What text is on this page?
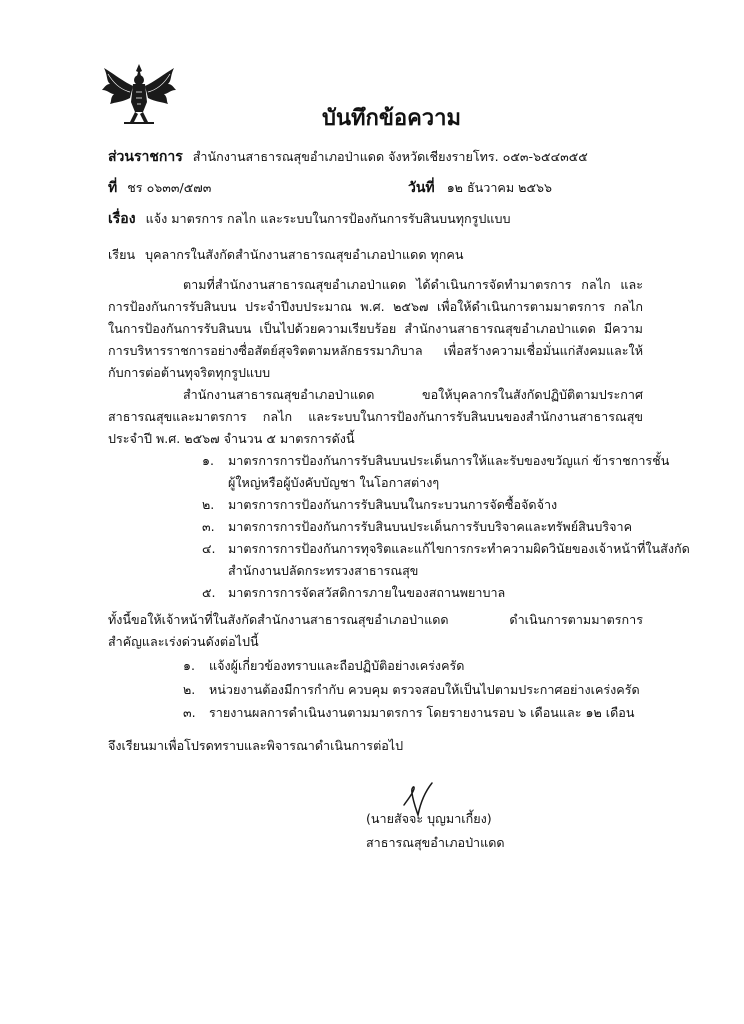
บันทึกข้อความ
ส่วนราชการ สำนักงานสาธารณสุขอำเภอป่าแดด จังหวัดเชียงรายโทร. ๐๕๓-๖๕๔๓๕๕
ที่ ชร ๐๖๓๓/๕๗๓	วันที่ ๑๒ ธันวาคม ๒๕๖๖
เรื่อง แจ้ง มาตรการ กลไก และระบบในการป้องกันการรับสินบนทุกรูปแบบ
เรียน บุคลากรในสังกัดสำนักงานสาธารณสุขอำเภอป่าแดด ทุกคน
ตามที่สำนักงานสาธารณสุขอำเภอป่าแดด ได้ดำเนินการจัดทำมาตรการ กลไก และ
การป้องกันการรับสินบน ประจำปีงบประมาณ พ.ศ. ๒๕๖๗ เพื่อให้ดำเนินการตามมาตรการ กลไก
ในการป้องกันการรับสินบน เป็นไปด้วยความเรียบร้อย สำนักงานสาธารณสุขอำเภอป่าแดด มีความ
การบริหารราชการอย่างซื่อสัตย์สุจริตตามหลักธรรมาภิบาล เพื่อสร้างความเชื่อมั่นแก่สังคมและให้
กับการต่อต้านทุจริตทุกรูปแบบ
สำนักงานสาธารณสุขอำเภอป่าแดด ขอให้บุคลากรในสังกัดปฏิบัติตามประกาศ
สาธารณสุขและมาตรการ กลไก และระบบในการป้องกันการรับสินบนของสำนักงานสาธารณสุข
ประจำปี พ.ศ. ๒๕๖๗ จำนวน ๕ มาตรการดังนี้
๑. มาตรการการป้องกันการรับสินบนประเด็นการให้และรับของขวัญแก่ ข้าราชการชั้น
ผู้ใหญ่หรือผู้บังคับบัญชา ในโอกาสต่างๆ
๒. มาตรการการป้องกันการรับสินบนในกระบวนการจัดซื้อจัดจ้าง
๓. มาตรการการป้องกันการรับสินบนประเด็นการรับบริจาคและทรัพย์สินบริจาค
๔. มาตรการการป้องกันการทุจริตและแก้ไขการกระทำความผิดวินัยของเจ้าหน้าที่ในสังกัด
สำนักงานปลัดกระทรวงสาธารณสุข
๕. มาตรการการจัดสวัสดิการภายในของสถานพยาบาล
ทั้งนี้ขอให้เจ้าหน้าที่ในสังกัดสำนักงานสาธารณสุขอำเภอป่าแดด ดำเนินการตามมาตรการ
สำคัญและเร่งด่วนดังต่อไปนี้
๑. แจ้งผู้เกี่ยวข้องทราบและถือปฏิบัติอย่างเคร่งครัด
๒. หน่วยงานต้องมีการกำกับ ควบคุม ตรวจสอบให้เป็นไปตามประกาศอย่างเคร่งครัด
๓. รายงานผลการดำเนินงานตามมาตรการ โดยรายงานรอบ ๖ เดือนและ ๑๒ เดือน
จึงเรียนมาเพื่อโปรดทราบและพิจารณาดำเนินการต่อไป
(นายสัจจะ บุญมาเกี้ยง)
สาธารณสุขอำเภอป่าแดด
